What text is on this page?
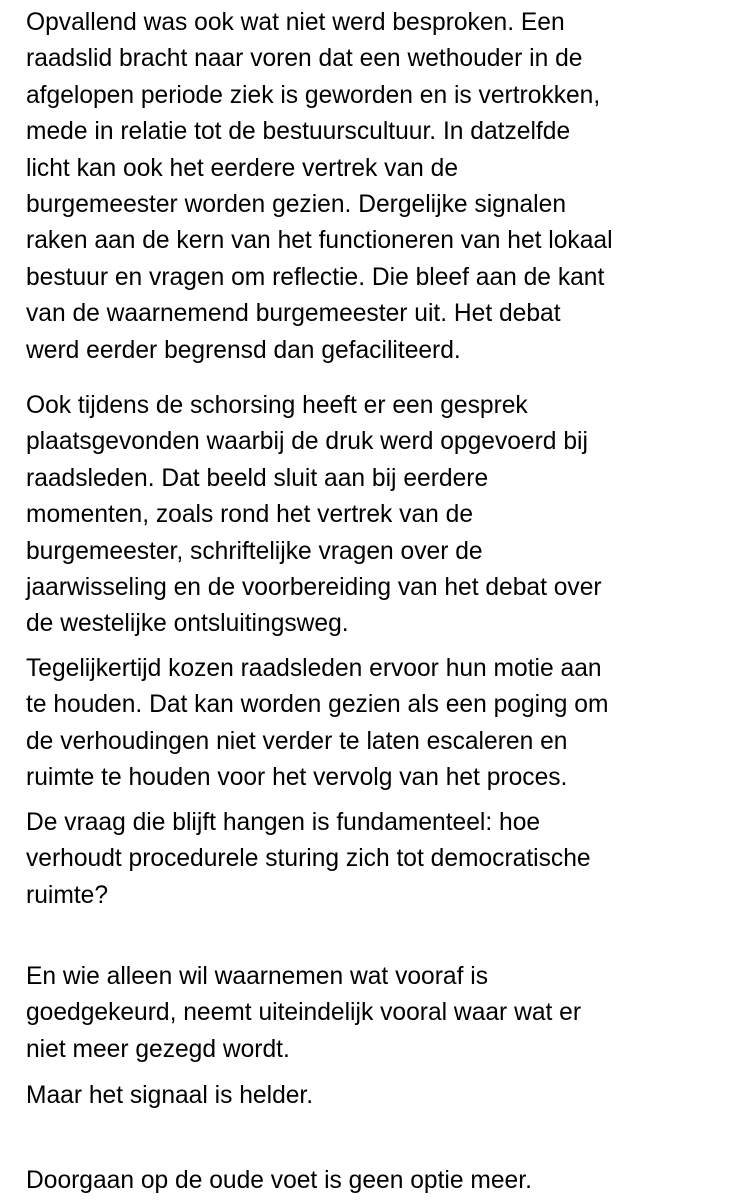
Opvallend was ook wat niet werd besproken. Een
raadslid bracht naar voren dat een wethouder in de
afgelopen periode ziek is geworden en is vertrokken,
mede in relatie tot de bestuurscultuur. In datzelfde
licht kan ook het eerdere vertrek van de
burgemeester worden gezien. Dergelijke signalen
raken aan de kern van het functioneren van het lokaal
bestuur en vragen om reflectie. Die bleef aan de kant
van de waarnemend burgemeester uit. Het debat
werd eerder begrensd dan gefaciliteerd.

Ook tijdens de schorsing heeft er een gesprek
plaatsgevonden waarbij de druk werd opgevoerd bij
raadsleden. Dat beeld sluit aan bij eerdere
momenten, zoals rond het vertrek van de
burgemeester, schriftelijke vragen over de
jaarwisseling en de voorbereiding van het debat over
de westelijke ontsluitingsweg.

Tegelijkertijd kozen raadsleden ervoor hun motie aan
te houden. Dat kan worden gezien als een poging om
de verhoudingen niet verder te laten escaleren en
ruimte te houden voor het vervolg van het proces.

De vraag die blijft hangen is fundamenteel: hoe
verhoudt procedurele sturing zich tot democratische
ruimte?

En wie alleen wil waarnemen wat vooraf is
goedgekeurd, neemt uiteindelijk vooral waar wat er
niet meer gezegd wordt.

Maar het signaal is helder.

Doorgaan op de oude voet is geen optie meer.
